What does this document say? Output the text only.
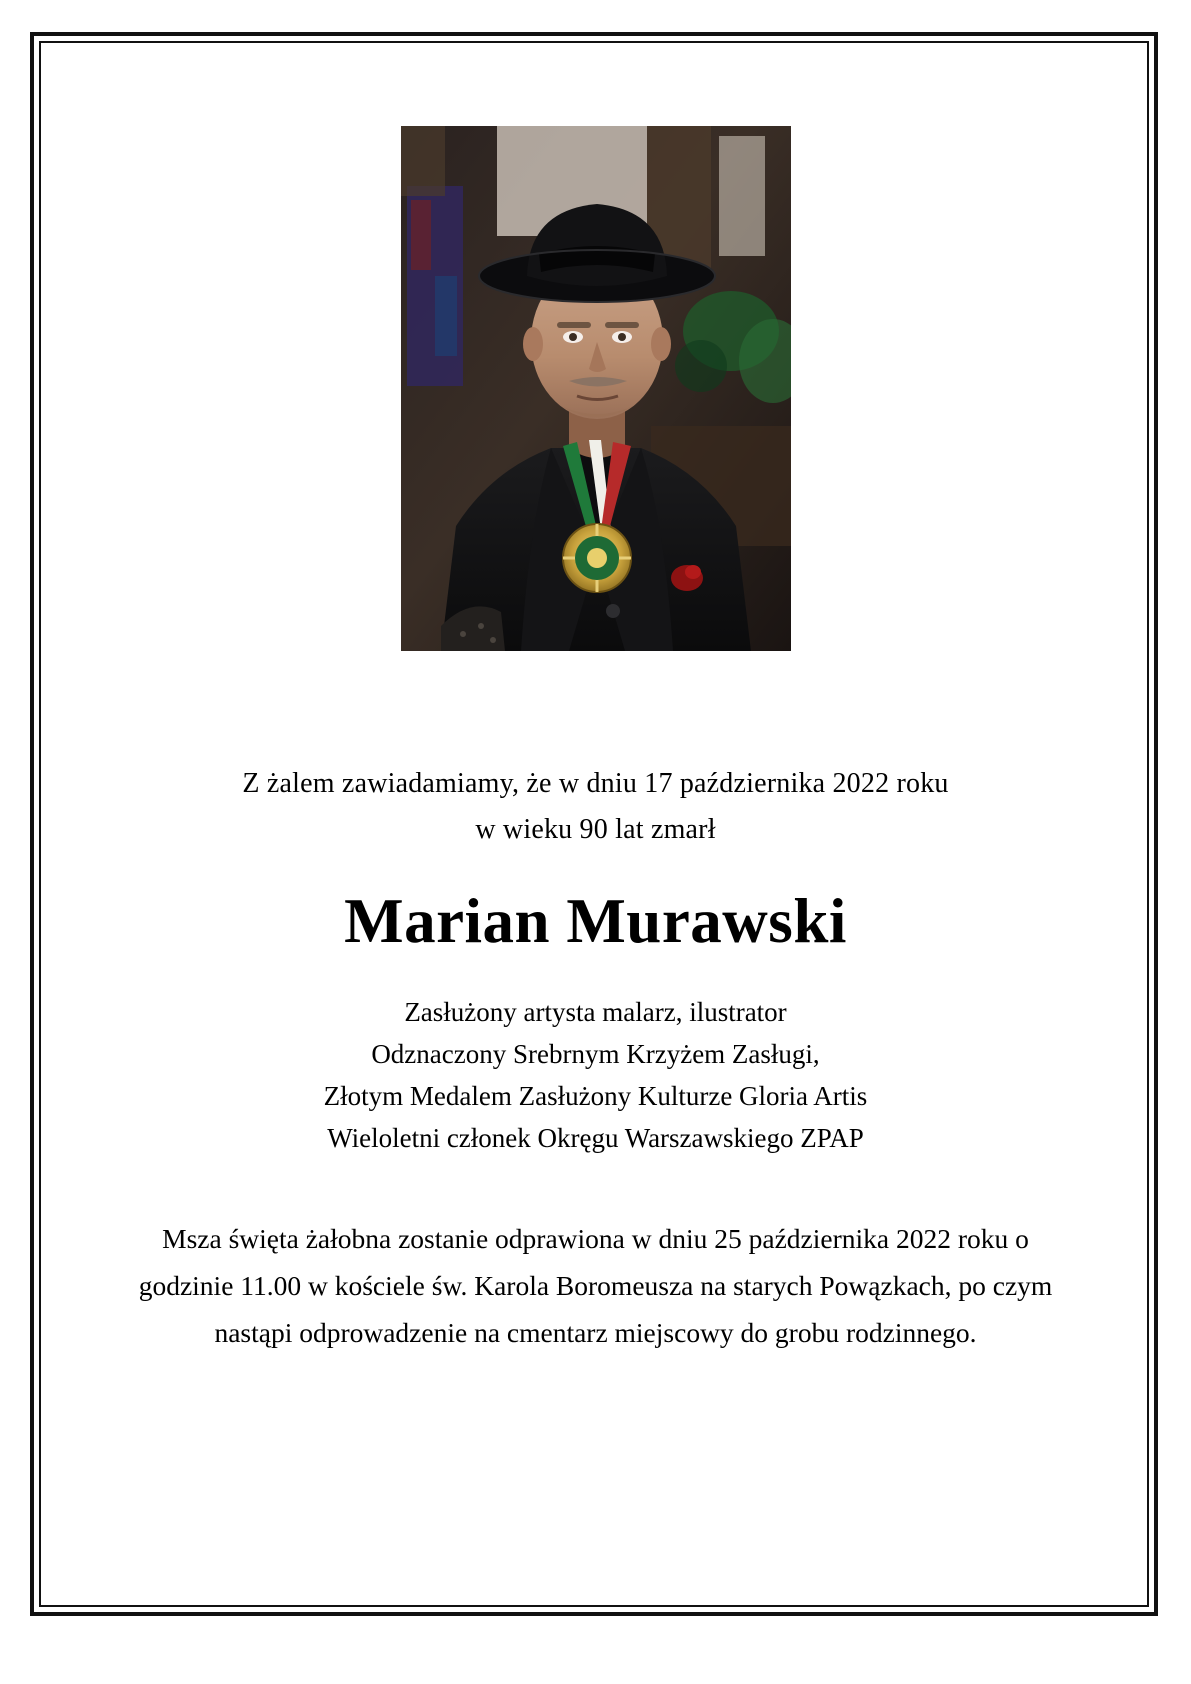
Z żalem zawiadamiamy, że w dniu 17 października 2022 roku
w wieku 90 lat zmarł
Marian Murawski
Zasłużony artysta malarz, ilustrator
Odznaczony Srebrnym Krzyżem Zasługi,
Złotym Medalem Zasłużony Kulturze Gloria Artis
Wieloletni członek Okręgu Warszawskiego ZPAP
Msza święta żałobna zostanie odprawiona w dniu 25 października 2022 roku o
godzinie 11.00 w kościele św. Karola Boromeusza na starych Powązkach, po czym
nastąpi odprowadzenie na cmentarz miejscowy do grobu rodzinnego.
